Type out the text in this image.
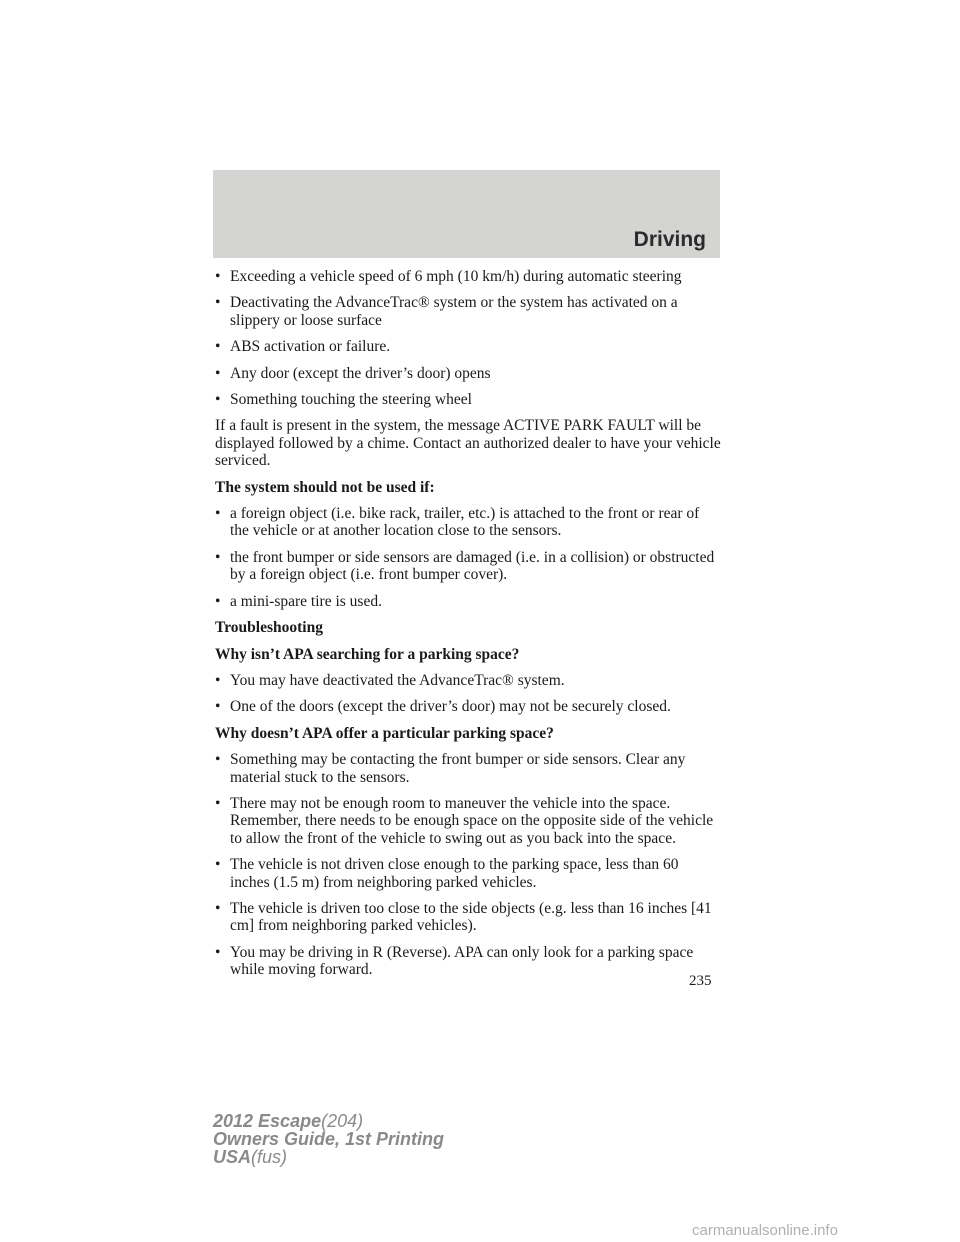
Driving
• Exceeding a vehicle speed of 6 mph (10 km/h) during automatic steering
• Deactivating the AdvanceTrac® system or the system has activated on a slippery or loose surface
• ABS activation or failure.
• Any door (except the driver’s door) opens
• Something touching the steering wheel

If a fault is present in the system, the message ACTIVE PARK FAULT will be displayed followed by a chime. Contact an authorized dealer to have your vehicle serviced.

The system should not be used if:

• a foreign object (i.e. bike rack, trailer, etc.) is attached to the front or rear of the vehicle or at another location close to the sensors.
• the front bumper or side sensors are damaged (i.e. in a collision) or obstructed by a foreign object (i.e. front bumper cover).
• a mini-spare tire is used.

Troubleshooting

Why isn’t APA searching for a parking space?

• You may have deactivated the AdvanceTrac® system.
• One of the doors (except the driver’s door) may not be securely closed.

Why doesn’t APA offer a particular parking space?

• Something may be contacting the front bumper or side sensors. Clear any material stuck to the sensors.
• There may not be enough room to maneuver the vehicle into the space. Remember, there needs to be enough space on the opposite side of the vehicle to allow the front of the vehicle to swing out as you back into the space.
• The vehicle is not driven close enough to the parking space, less than 60 inches (1.5 m) from neighboring parked vehicles.
• The vehicle is driven too close to the side objects (e.g. less than 16 inches [41 cm] from neighboring parked vehicles).
• You may be driving in R (Reverse). APA can only look for a parking space while moving forward.
235
2012 Escape(204)
Owners Guide, 1st Printing
USA(fus)
carmanualsonline.info
